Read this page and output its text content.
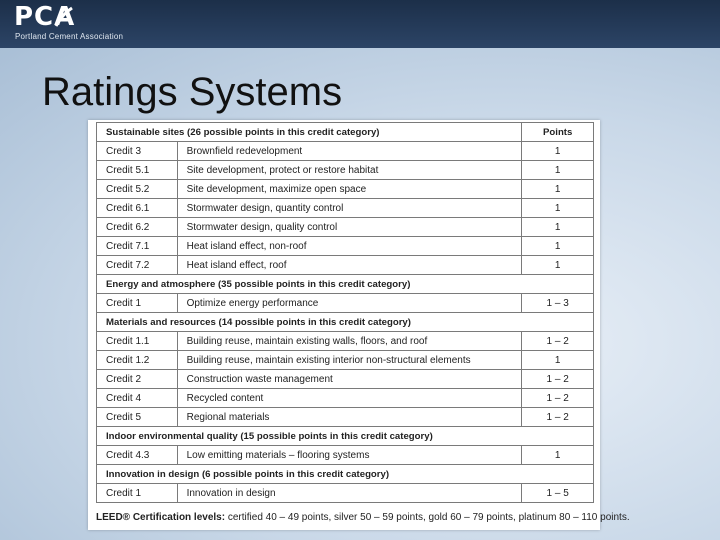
PCA
Portland Cement Association
Ratings Systems
Sustainable sites (26 possible points in this credit category)		Points
Credit 3	Brownfield redevelopment	1
Credit 5.1	Site development, protect or restore habitat	1
Credit 5.2	Site development, maximize open space	1
Credit 6.1	Stormwater design, quantity control	1
Credit 6.2	Stormwater design, quality control	1
Credit 7.1	Heat island effect, non-roof	1
Credit 7.2	Heat island effect, roof	1
Energy and atmosphere (35 possible points in this credit category)		
Credit 1	Optimize energy performance	1 – 3
Materials and resources (14 possible points in this credit category)		
Credit 1.1	Building reuse, maintain existing walls, floors, and roof	1 – 2
Credit 1.2	Building reuse, maintain existing interior non-structural elements	1
Credit 2	Construction waste management	1 – 2
Credit 4	Recycled content	1 – 2
Credit 5	Regional materials	1 – 2
Indoor environmental quality (15 possible points in this credit category)		
Credit 4.3	Low emitting materials – flooring systems	1
Innovation in design (6 possible points in this credit category)		
Credit 1	Innovation in design	1 – 5
LEED® Certification levels: certified 40 – 49 points, silver 50 – 59 points, gold 60 – 79 points, platinum 80 – 110 points.
